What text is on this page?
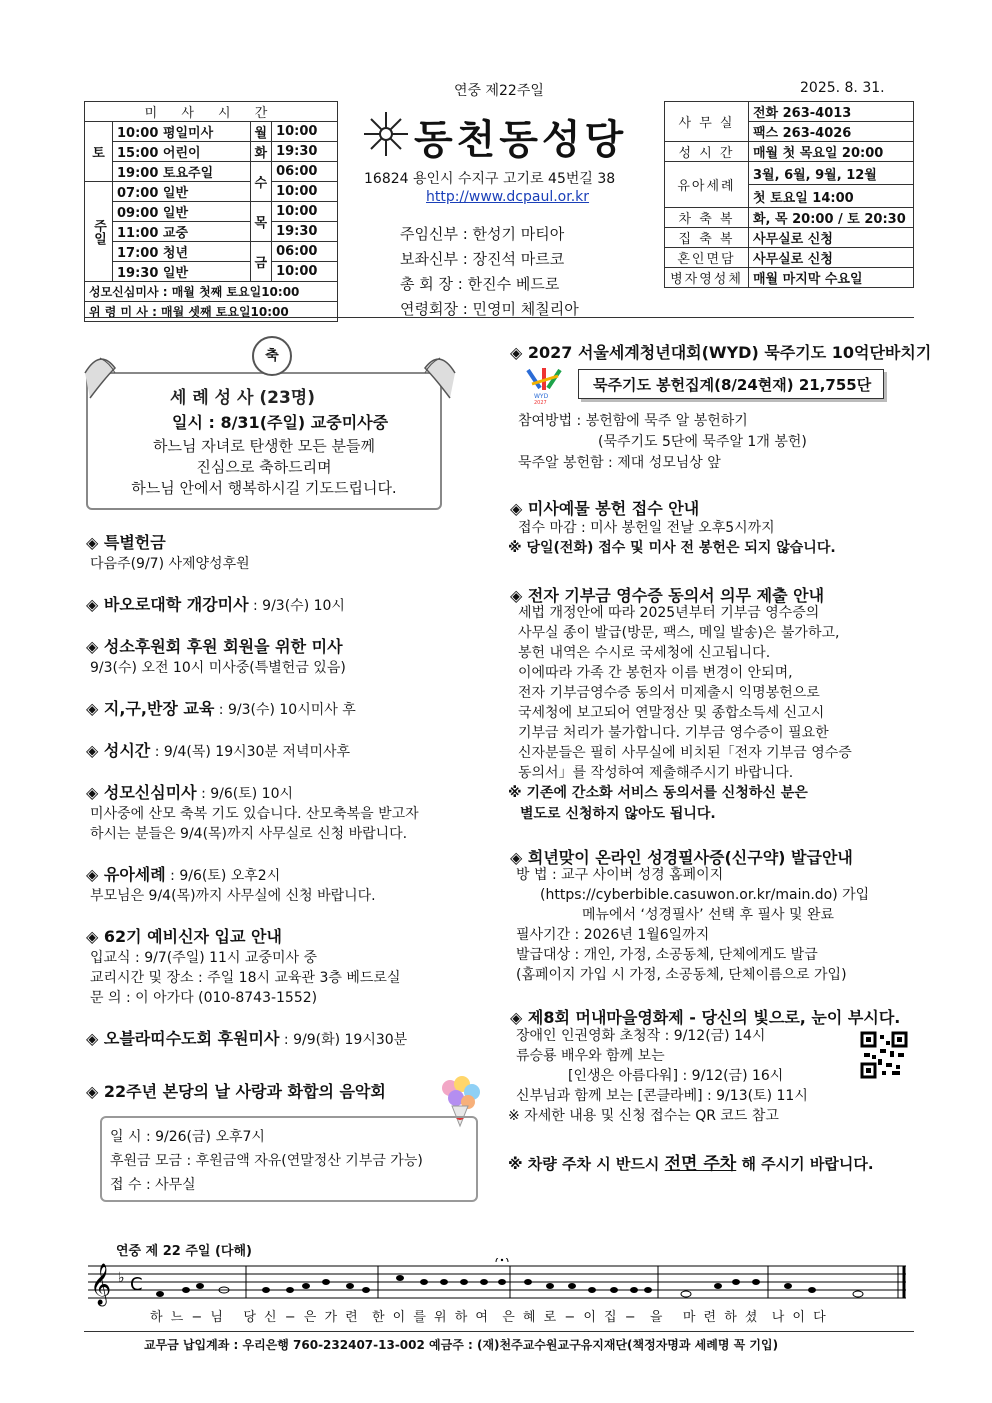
연중 제22주일	2025. 8. 31.
미 사 시 간			
토	10:00 평일미사	월	10:00
	15:00 어린이	화	19:30
	19:00 토요주일	수	06:00
주일	07:00 일반		10:00
	09:00 일반	목	10:00
	11:00 교중		19:30
	17:00 청년	금	06:00
	19:30 일반		10:00
성모신심미사 : 매월 첫째 토요일10:00			
위 령 미 사 : 매월 셋째 토요일10:00			
동천동성당
16824 용인시 수지구 고기로 45번길 38
http://www.dcpaul.or.kr
주임신부 : 한성기 마티아
보좌신부 : 장진석 마르코
총 회 장 : 한진수 베드로
연령회장 : 민영미 체칠리아
사 무 실	전화 263-4013
	팩스 263-4026
성 시 간	매월 첫 목요일 20:00
유아세례	3월, 6월, 9월, 12월
	첫 토요일 14:00
차 축 복	화, 목 20:00 / 토 20:30
집 축 복	사무실로 신청
혼인면담	사무실로 신청
병자영성체	매월 마지막 수요일
축
세 례 성 사 (23명)
일시 : 8/31(주일) 교중미사중
하느님 자녀로 탄생한 모든 분들께
진심으로 축하드리며
하느님 안에서 행복하시길 기도드립니다.
◈ 특별헌금
다음주(9/7) 사제양성후원
◈ 바오로대학 개강미사 : 9/3(수) 10시
◈ 성소후원회 후원 회원을 위한 미사
9/3(수) 오전 10시 미사중(특별헌금 있음)
◈ 지,구,반장 교육 : 9/3(수) 10시미사 후
◈ 성시간 : 9/4(목) 19시30분 저녁미사후
◈ 성모신심미사 : 9/6(토) 10시
미사중에 산모 축복 기도 있습니다. 산모축복을 받고자
하시는 분들은 9/4(목)까지 사무실로 신청 바랍니다.
◈ 유아세례 : 9/6(토) 오후2시
부모님은 9/4(목)까지 사무실에 신청 바랍니다.
◈ 62기 예비신자 입교 안내
입교식 : 9/7(주일) 11시 교중미사 중
교리시간 및 장소 : 주일 18시 교육관 3층 베드로실
문 의 : 이 아가다 (010-8743-1552)
◈ 오블라띠수도회 후원미사 : 9/9(화) 19시30분
◈ 22주년 본당의 날 사랑과 화합의 음악회
일 시 : 9/26(금) 오후7시
후원금 모금 : 후원금액 자유(연말정산 기부금 가능)
접 수 : 사무실
◈ 2027 서울세계청년대회(WYD) 묵주기도 10억단바치기
WYD
2027
묵주기도 봉헌집계(8/24현재) 21,755단
참여방법 : 봉헌함에 묵주 알 봉헌하기
(묵주기도 5단에 묵주알 1개 봉헌)
묵주알 봉헌함 : 제대 성모님상 앞
◈ 미사예물 봉헌 접수 안내
접수 마감 : 미사 봉헌일 전날 오후5시까지
※ 당일(전화) 접수 및 미사 전 봉헌은 되지 않습니다.
◈ 전자 기부금 영수증 동의서 의무 제출 안내
세법 개정안에 따라 2025년부터 기부금 영수증의
사무실 종이 발급(방문, 팩스, 메일 발송)은 불가하고,
봉헌 내역은 수시로 국세청에 신고됩니다.
이에따라 가족 간 봉헌자 이름 변경이 안되며,
전자 기부금영수증 동의서 미제출시 익명봉헌으로
국세청에 보고되어 연말정산 및 종합소득세 신고시
기부금 처리가 불가합니다. 기부금 영수증이 필요한
신자분들은 필히 사무실에 비치된「전자 기부금 영수증
동의서」를 작성하여 제출해주시기 바랍니다.
※ 기존에 간소화 서비스 동의서를 신청하신 분은
별도로 신청하지 않아도 됩니다.
◈ 희년맞이 온라인 성경필사증(신구약) 발급안내
방 법 : 교구 사이버 성경 홈페이지
(https://cyberbible.casuwon.or.kr/main.do) 가입
메뉴에서 ‘성경필사’ 선택 후 필사 및 완료
필사기간 : 2026년 1월6일까지
발급대상 : 개인, 가정, 소공동체, 단체에게도 발급
(홈페이지 가입 시 가정, 소공동체, 단체이름으로 가입)
◈ 제8회 머내마을영화제 - 당신의 빛으로, 눈이 부시다.
장애인 인권영화 초청작 : 9/12(금) 14시
류승룡 배우와 함께 보는
[인생은 아름다워] : 9/12(금) 16시
신부님과 함께 보는 [콘클라베] : 9/13(토) 11시
※ 자세한 내용 및 신청 접수는 QR 코드 참고
※ 차량 주차 시 반드시 전면 주차 해 주시기 바랍니다.
연중 제 22 주일 (다해)
𝄞 ♭ C
하 느 − 님   당 신 − 은 가 련  한 이 를 위 하 여  은 혜 로 − 이 집 −  을   마 련 하 셨  나 이 다
교무금 납입계좌 : 우리은행 760-232407-13-002 예금주 : (재)천주교수원교구유지재단(책정자명과 세례명 꼭 기입)
